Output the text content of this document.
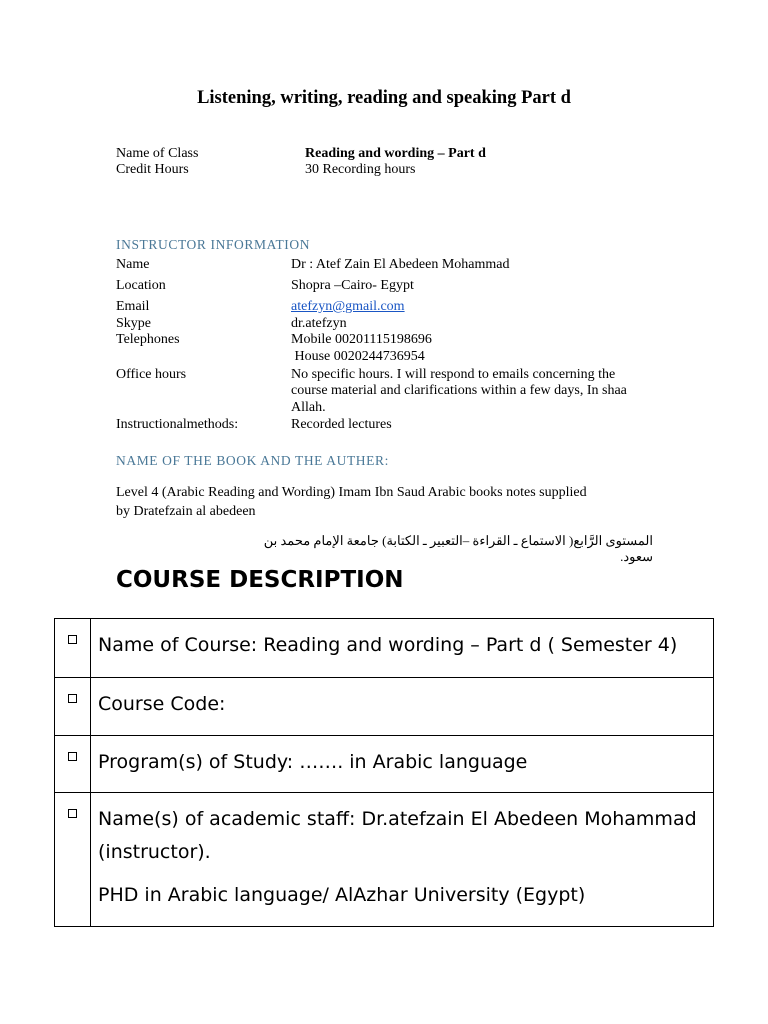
Listening, writing, reading and speaking Part d
Name of Class	Reading and wording – Part d
Credit Hours	30 Recording hours
INSTRUCTOR INFORMATION
Name	Dr : Atef Zain El Abedeen Mohammad
Location	Shopra –Cairo- Egypt
Email	atefzyn@gmail.com
Skype	dr.atefzyn
Telephones	Mobile 00201115198696
House 0020244736954
Office hours	No specific hours. I will respond to emails concerning the
course material and clarifications within a few days, In shaa
Allah.
Instructionalmethods:	Recorded lectures
NAME OF THE BOOK AND THE AUTHER:
Level 4 (Arabic Reading and Wording) Imam Ibn Saud Arabic books notes supplied
by Dratefzain al abedeen
المستوى الرَّابع( الاستماع ـ القراءة –التعبير ـ الكتابة) جامعة الإمام محمد بن سعود.
COURSE DESCRIPTION
	Name of Course: Reading and wording – Part d ( Semester 4)
	Course Code:
	Program(s) of Study: ……. in Arabic language

	Name(s) of academic staff: Dr.atefzain El Abedeen Mohammad (instructor).
PHD in Arabic language/ AlAzhar University (Egypt)
